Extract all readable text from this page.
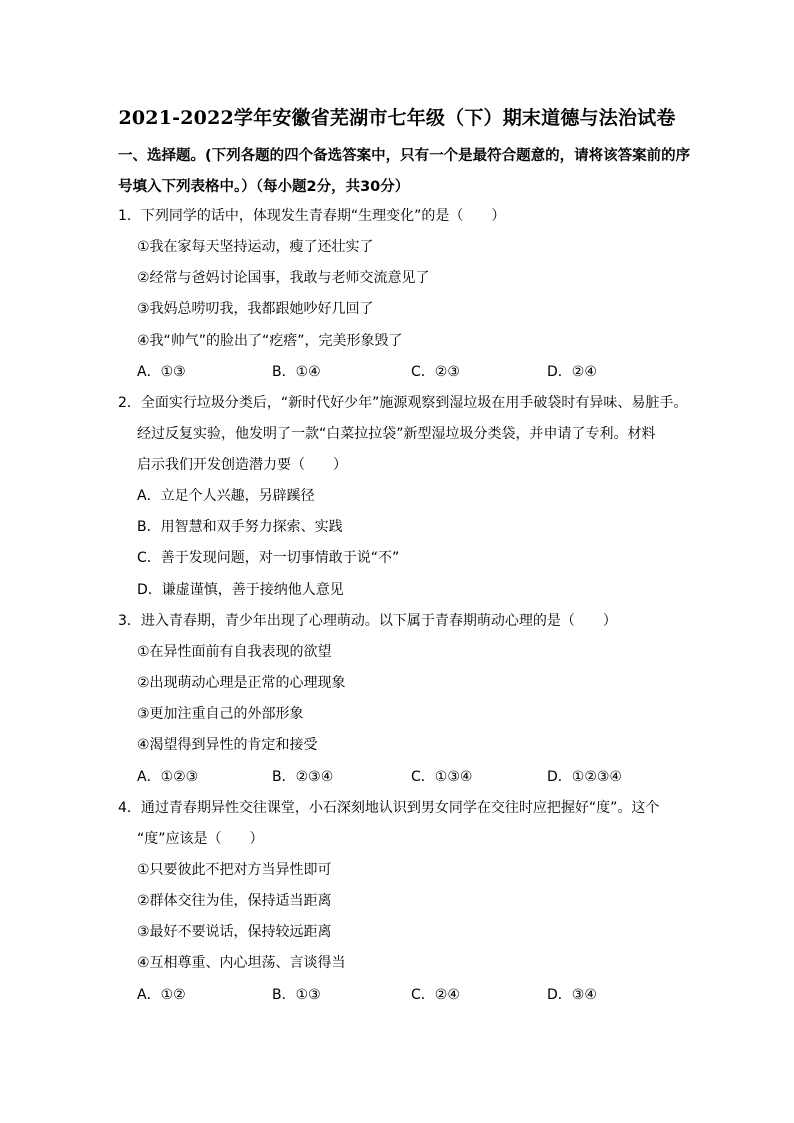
2021-2022学年安徽省芜湖市七年级（下）期末道德与法治试卷
一、选择题。(下列各题的四个备选答案中，只有一个是最符合题意的，请将该答案前的序
号填入下列表格中。）（每小题2分，共30分）
1．下列同学的话中，体现发生青春期“生理变化”的是（　　）
①我在家每天坚持运动，瘦了还壮实了
②经常与爸妈讨论国事，我敢与老师交流意见了
③我妈总唠叨我，我都跟她吵好几回了
④我“帅气”的脸出了“疙瘩”，完美形象毁了
A．①③	B．①④	C．②③	D．②④
2．全面实行垃圾分类后，“新时代好少年”施源观察到湿垃圾在用手破袋时有异味、易脏手。
经过反复实验，他发明了一款“白菜拉拉袋”新型湿垃圾分类袋，并申请了专利。材料
启示我们开发创造潜力要（　　）
A．立足个人兴趣，另辟蹊径
B．用智慧和双手努力探索、实践
C．善于发现问题，对一切事情敢于说“不”
D．谦虚谨慎，善于接纳他人意见
3．进入青春期，青少年出现了心理萌动。以下属于青春期萌动心理的是（　　）
①在异性面前有自我表现的欲望
②出现萌动心理是正常的心理现象
③更加注重自己的外部形象
④渴望得到异性的肯定和接受
A．①②③	B．②③④	C．①③④	D．①②③④
4．通过青春期异性交往课堂，小石深刻地认识到男女同学在交往时应把握好“度”。这个
“度”应该是（　　）
①只要彼此不把对方当异性即可
②群体交往为佳，保持适当距离
③最好不要说话，保持较远距离
④互相尊重、内心坦荡、言谈得当
A．①②	B．①③	C．②④	D．③④
